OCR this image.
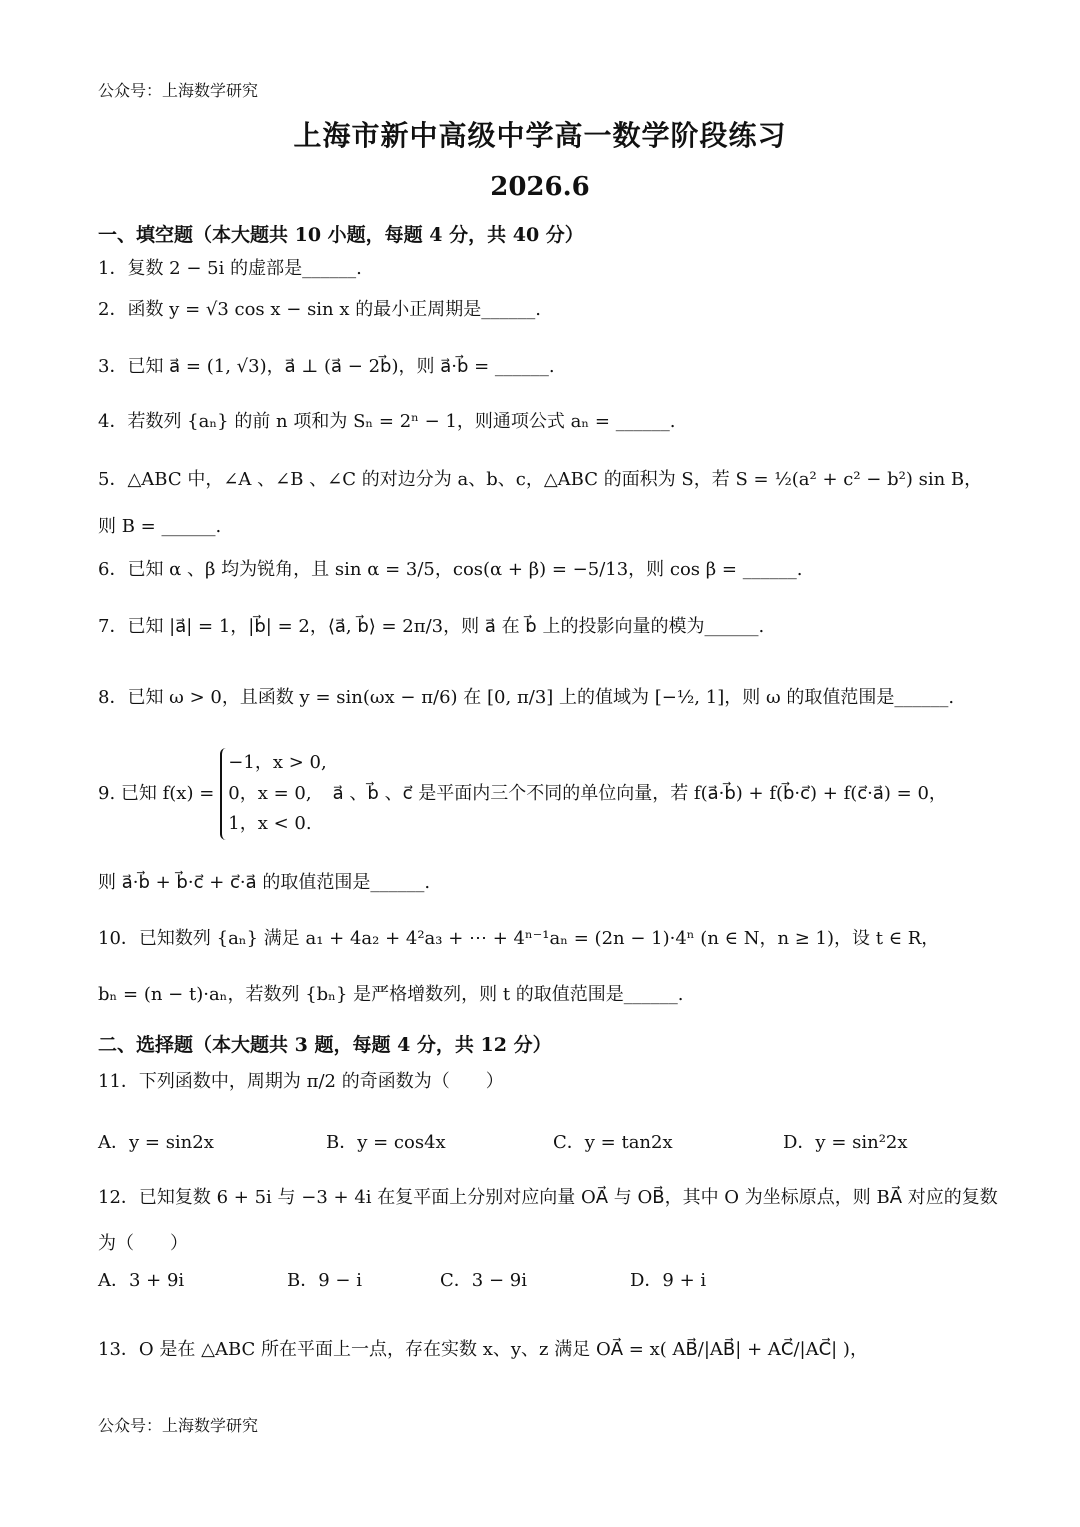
公众号：上海数学研究
上海市新中高级中学高一数学阶段练习
2026.6
一、填空题（本大题共 10 小题，每题 4 分，共 40 分）
1．复数 2 − 5i 的虚部是______.
2．函数 y = √3 cos x − sin x 的最小正周期是______.
3．已知 a⃗ = (1, √3)，a⃗ ⊥ (a⃗ − 2b⃗)，则 a⃗·b⃗ = ______.
4．若数列 {aₙ} 的前 n 项和为 Sₙ = 2ⁿ − 1，则通项公式 aₙ = ______.
5．△ABC 中，∠A 、∠B 、∠C 的对边分为 a、b、c，△ABC 的面积为 S，若 S = ½(a² + c² − b²) sin B，
则 B = ______.
6．已知 α 、β 均为锐角，且 sin α = 3/5，cos(α + β) = −5/13，则 cos β = ______.
7．已知 |a⃗| = 1，|b⃗| = 2，⟨a⃗, b⃗⟩ = 2π/3，则 a⃗ 在 b⃗ 上的投影向量的模为______.
8．已知 ω > 0，且函数 y = sin(ωx − π/6) 在 [0, π/3] 上的值域为 [−½, 1]，则 ω 的取值范围是______.
9. 已知 f(x) =
−1，x > 0,
0，x = 0,
1，x < 0.
a⃗ 、b⃗ 、c⃗ 是平面内三个不同的单位向量，若 f(a⃗·b⃗) + f(b⃗·c⃗) + f(c⃗·a⃗) = 0，
则 a⃗·b⃗ + b⃗·c⃗ + c⃗·a⃗ 的取值范围是______.
10．已知数列 {aₙ} 满足 a₁ + 4a₂ + 4²a₃ + ⋯ + 4ⁿ⁻¹aₙ = (2n − 1)·4ⁿ (n ∈ N，n ≥ 1)，设 t ∈ R，
bₙ = (n − t)·aₙ，若数列 {bₙ} 是严格增数列，则 t 的取值范围是______.
二、选择题（本大题共 3 题，每题 4 分，共 12 分）
11．下列函数中，周期为 π/2 的奇函数为（　　）
A．y = sin2x	B．y = cos4x	C．y = tan2x	D．y = sin²2x
12．已知复数 6 + 5i 与 −3 + 4i 在复平面上分别对应向量 OA⃗ 与 OB⃗，其中 O 为坐标原点，则 BA⃗ 对应的复数
为（　　）
A．3 + 9i	B．9 − i	C．3 − 9i	D．9 + i
13．O 是在 △ABC 所在平面上一点，存在实数 x、y、z 满足 OA⃗ = x( AB⃗/|AB⃗| + AC⃗/|AC⃗| )，
公众号：上海数学研究
